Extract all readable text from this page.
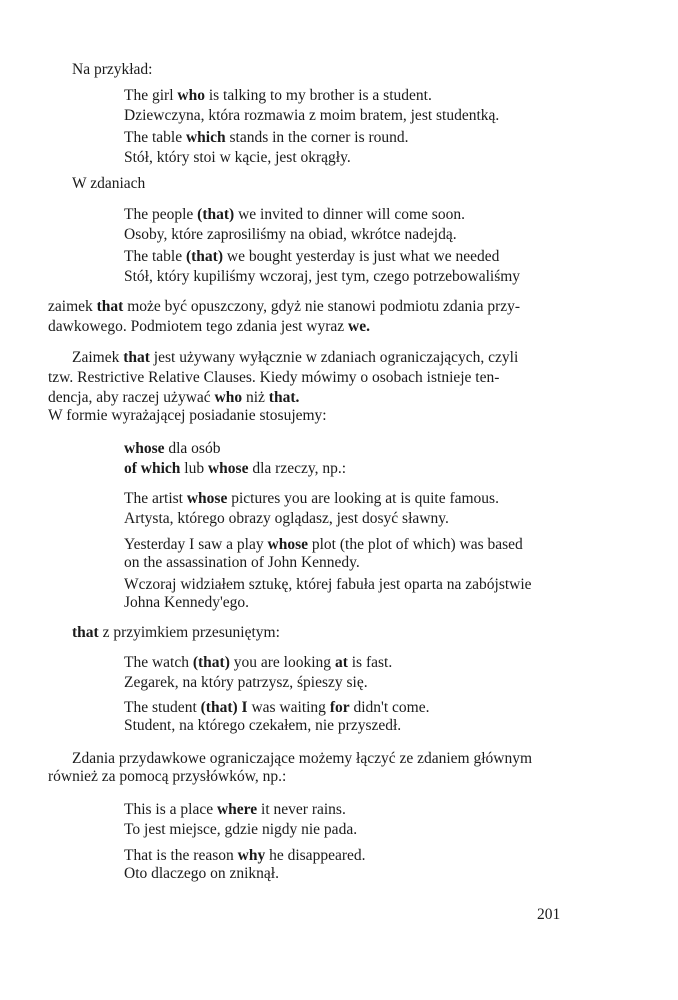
Na przykład:
The girl who is talking to my brother is a student.
Dziewczyna, która rozmawia z moim bratem, jest studentką.
The table which stands in the corner is round.
Stół, który stoi w kącie, jest okrągły.
W zdaniach
The people (that) we invited to dinner will come soon.
Osoby, które zaprosiliśmy na obiad, wkrótce nadejdą.
The table (that) we bought yesterday is just what we needed
Stół, który kupiliśmy wczoraj, jest tym, czego potrzebowaliśmy
zaimek that może być opuszczony, gdyż nie stanowi podmiotu zdania przy-
dawkowego. Podmiotem tego zdania jest wyraz we.
Zaimek that jest używany wyłącznie w zdaniach ograniczających, czyli
tzw. Restrictive Relative Clauses. Kiedy mówimy o osobach istnieje ten-
dencja, aby raczej używać who niż that.
W formie wyrażającej posiadanie stosujemy:
whose dla osób
of which lub whose dla rzeczy, np.:
The artist whose pictures you are looking at is quite famous.
Artysta, którego obrazy oglądasz, jest dosyć sławny.
Yesterday I saw a play whose plot (the plot of which) was based
on the assassination of John Kennedy.
Wczoraj widziałem sztukę, której fabuła jest oparta na zabójstwie
Johna Kennedy'ego.
that z przyimkiem przesuniętym:
The watch (that) you are looking at is fast.
Zegarek, na który patrzysz, śpieszy się.
The student (that) I was waiting for didn't come.
Student, na którego czekałem, nie przyszedł.
Zdania przydawkowe ograniczające możemy łączyć ze zdaniem głównym
również za pomocą przysłówków, np.:
This is a place where it never rains.
To jest miejsce, gdzie nigdy nie pada.
That is the reason why he disappeared.
Oto dlaczego on zniknął.
201
